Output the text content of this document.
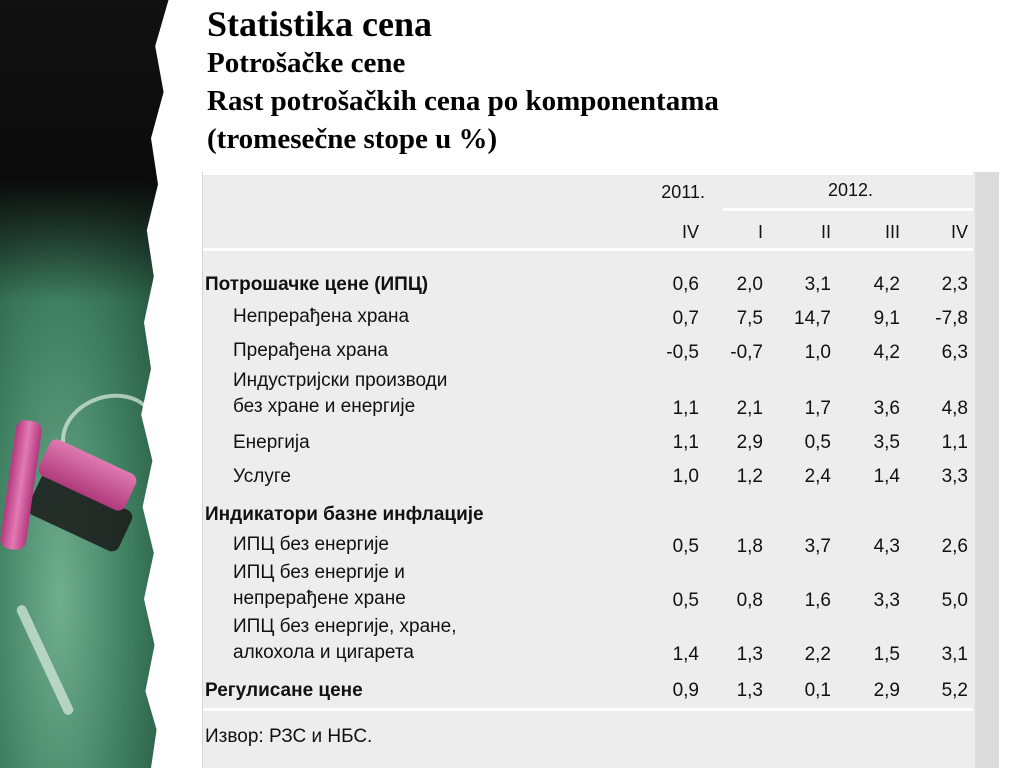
Statistika cena
Potrošačke cene
Rast potrošačkih cena po komponentama
(tromesečne stope u %)
2011.	2012.
IV	I	II	III	IV
Потрошачке цене (ИПЦ)	0,6	2,0	3,1	4,2	2,3
Непрерађена храна	0,7	7,5	14,7	9,1	-7,8
Прерађена храна	-0,5	-0,7	1,0	4,2	6,3
Индустријски производи
без хране и енергије	1,1	2,1	1,7	3,6	4,8
Енергија	1,1	2,9	0,5	3,5	1,1
Услуге	1,0	1,2	2,4	1,4	3,3
Индикатори базне инфлације
ИПЦ без енергије	0,5	1,8	3,7	4,3	2,6
ИПЦ без енергије и
непрерађене хране	0,5	0,8	1,6	3,3	5,0
ИПЦ без енергије, хране,
алкохола и цигарета	1,4	1,3	2,2	1,5	3,1
Регулисане цене	0,9	1,3	0,1	2,9	5,2
Извор: РЗС и НБС.
